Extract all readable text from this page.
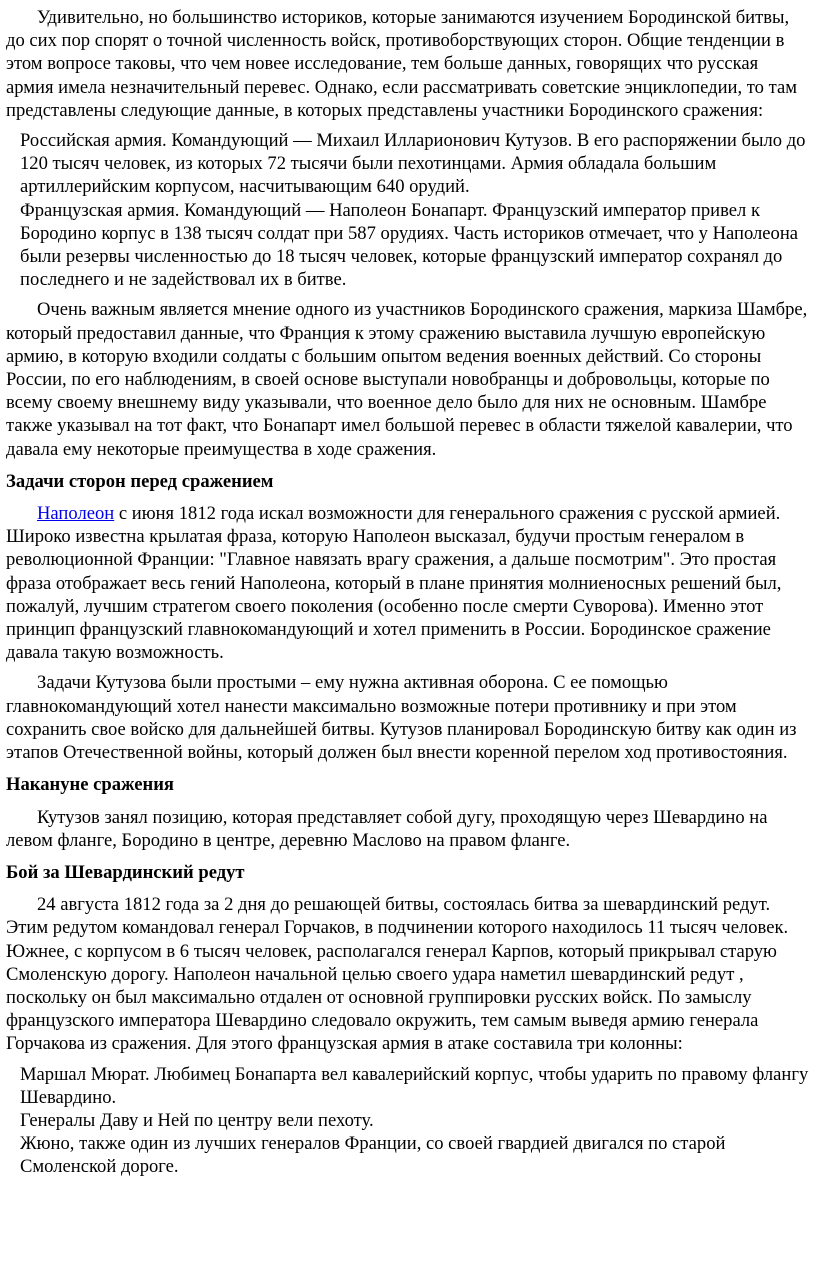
Удивительно, но большинство историков, которые занимаются изучением Бородинской битвы, до сих пор спорят о точной численность войск, противоборствующих сторон. Общие тенденции в этом вопросе таковы, что чем новее исследование, тем больше данных, говорящих что русская армия имела незначительный перевес. Однако, если рассматривать советские энциклопедии, то там представлены следующие данные, в которых представлены участники Бородинского сражения:

Российская армия. Командующий — Михаил Илларионович Кутузов. В его распоряжении было до 120 тысяч человек, из которых 72 тысячи были пехотинцами. Армия обладала большим артиллерийским корпусом, насчитывающим 640 орудий.

Французская армия. Командующий — Наполеон Бонапарт. Французский император привел к Бородино корпус в 138 тысяч солдат при 587 орудиях. Часть историков отмечает, что у Наполеона были резервы численностью до 18 тысяч человек, которые французский император сохранял до последнего и не задействовал их в битве.

Очень важным является мнение одного из участников Бородинского сражения, маркиза Шамбре, который предоставил данные, что Франция к этому сражению выставила лучшую европейскую армию, в которую входили солдаты с большим опытом ведения военных действий. Со стороны России, по его наблюдениям, в своей основе выступали новобранцы и добровольцы, которые по всему своему внешнему виду указывали, что военное дело было для них не основным. Шамбре также указывал на тот факт, что Бонапарт имел большой перевес в области тяжелой кавалерии, что давала ему некоторые преимущества в ходе сражения.

Задачи сторон перед сражением

Наполеон с июня 1812 года искал возможности для генерального сражения с русской армией. Широко известна крылатая фраза, которую Наполеон высказал, будучи простым генералом в революционной Франции: "Главное навязать врагу сражения, а дальше посмотрим". Это простая фраза отображает весь гений Наполеона, который в плане принятия молниеносных решений был, пожалуй, лучшим стратегом своего поколения (особенно после смерти Суворова). Именно этот принцип французский главнокомандующий и хотел применить в России. Бородинское сражение давала такую возможность.

Задачи Кутузова были простыми – ему нужна активная оборона. С ее помощью главнокомандующий хотел нанести максимально возможные потери противнику и при этом сохранить свое войско для дальнейшей битвы. Кутузов планировал Бородинскую битву как один из этапов Отечественной войны, который должен был внести коренной перелом ход противостояния.

Накануне сражения

Кутузов занял позицию, которая представляет собой дугу, проходящую через Шевардино на левом фланге, Бородино в центре, деревню Маслово на правом фланге.

Бой за Шевардинский редут

24 августа 1812 года за 2 дня до решающей битвы, состоялась битва за шевардинский редут. Этим редутом командовал генерал Горчаков, в подчинении которого находилось 11 тысяч человек. Южнее, с корпусом в 6 тысяч человек, располагался генерал Карпов, который прикрывал старую Смоленскую дорогу. Наполеон начальной целью своего удара наметил шевардинский редут , поскольку он был максимально отдален от основной группировки русских войск. По замыслу французского императора Шевардино следовало окружить, тем самым выведя армию генерала Горчакова из сражения. Для этого французская армия в атаке составила три колонны:

Маршал Мюрат. Любимец Бонапарта вел кавалерийский корпус, чтобы ударить по правому флангу Шевардино.

Генералы Даву и Ней по центру вели пехоту.

Жюно, также один из лучших генералов Франции, со своей гвардией двигался по старой Смоленской дороге.
